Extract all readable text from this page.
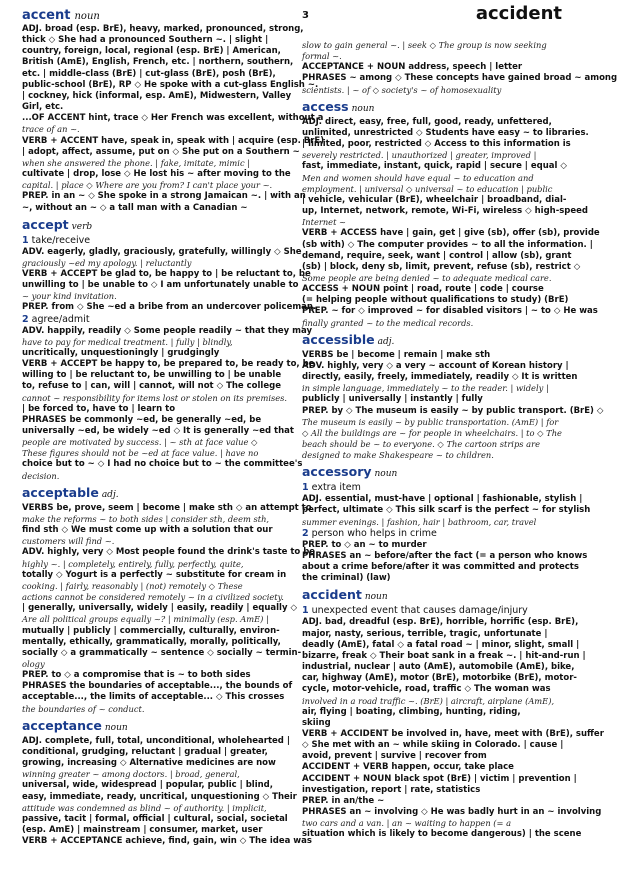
accent noun	3	accident
ADJ. broad (esp. BrE), heavy, marked, pronounced, strong,
thick ◇ She had a pronounced Southern ~. | slight |
country, foreign, local, regional (esp. BrE) | American,
British (AmE), English, French, etc. | northern, southern,
etc. | middle-class (BrE) | cut-glass (BrE), posh (BrE),
public-school (BrE), RP ◇ He spoke with a cut-glass English ~.
| cockney, hick (informal, esp. AmE), Midwestern, Valley
Girl, etc.
...OF ACCENT hint, trace ◇ Her French was excellent, without a
trace of an ~.
VERB + ACCENT have, speak in, speak with | acquire (esp. BrE)
| adopt, affect, assume, put on ◇ She put on a Southern ~
when she answered the phone. | fake, imitate, mimic |
cultivate | drop, lose ◇ He lost his ~ after moving to the
capital. | place ◇ Where are you from? I can't place your ~.
PREP. in an ~ ◇ She spoke in a strong Jamaican ~. | with an
~, without an ~ ◇ a tall man with a Canadian ~
accept verb
1 take/receive
ADV. eagerly, gladly, graciously, gratefully, willingly ◇ She
graciously ~ed my apology. | reluctantly
VERB + ACCEPT be glad to, be happy to | be reluctant to, be
unwilling to | be unable to ◇ I am unfortunately unable to
~ your kind invitation.
PREP. from ◇ She ~ed a bribe from an undercover policeman.
2 agree/admit
ADV. happily, readily ◇ Some people readily ~ that they may
have to pay for medical treatment. | fully | blindly,
uncritically, unquestioningly | grudgingly
VERB + ACCEPT be happy to, be prepared to, be ready to, be
willing to | be reluctant to, be unwilling to | be unable
to, refuse to | can, will | cannot, will not ◇ The college
cannot ~ responsibility for items lost or stolen on its premises.
| be forced to, have to | learn to
PHRASES be commonly ~ed, be generally ~ed, be
universally ~ed, be widely ~ed ◇ It is generally ~ed that
people are motivated by success. | ~ sth at face value ◇
These figures should not be ~ed at face value. | have no
choice but to ~ ◇ I had no choice but to ~ the committee's
decision.
acceptable adj.
VERBS be, prove, seem | become | make sth ◇ an attempt to
make the reforms ~ to both sides | consider sth, deem sth,
find sth ◇ We must come up with a solution that our
customers will find ~.
ADV. highly, very ◇ Most people found the drink's taste to be
highly ~. | completely, entirely, fully, perfectly, quite,
totally ◇ Yogurt is a perfectly ~ substitute for cream in
cooking. | fairly, reasonably | (not) remotely ◇ These
actions cannot be considered remotely ~ in a civilized society.
| generally, universally, widely | easily, readily | equally ◇
Are all political groups equally ~? | minimally (esp. AmE) |
mutually | publicly | commercially, culturally, environ-
mentally, ethically, grammatically, morally, politically,
socially ◇ a grammatically ~ sentence ◇ socially ~ termin-
ology
PREP. to ◇ a compromise that is ~ to both sides
PHRASES the boundaries of acceptable..., the bounds of
acceptable..., the limits of acceptable... ◇ This crosses
the boundaries of ~ conduct.
acceptance noun
ADJ. complete, full, total, unconditional, wholehearted |
conditional, grudging, reluctant | gradual | greater,
growing, increasing ◇ Alternative medicines are now
winning greater ~ among doctors. | broad, general,
universal, wide, widespread | popular, public | blind,
easy, immediate, ready, uncritical, unquestioning ◇ Their
attitude was condemned as blind ~ of authority. | implicit,
passive, tacit | formal, official | cultural, social, societal
(esp. AmE) | mainstream | consumer, market, user
VERB + ACCEPTANCE achieve, find, gain, win ◇ The idea was
slow to gain general ~. | seek ◇ The group is now seeking
formal ~.
ACCEPTANCE + NOUN address, speech | letter
PHRASES ~ among ◇ These concepts have gained broad ~ among
scientists. | ~ of ◇ society's ~ of homosexuality
access noun
ADJ. direct, easy, free, full, good, ready, unfettered,
unlimited, unrestricted ◇ Students have easy ~ to libraries.
| limited, poor, restricted ◇ Access to this information is
severely restricted. | unauthorized | greater, improved |
fast, immediate, instant, quick, rapid | secure | equal ◇
Men and women should have equal ~ to education and
employment. | universal ◇ universal ~ to education | public
| vehicle, vehicular (BrE), wheelchair | broadband, dial-
up, Internet, network, remote, Wi-Fi, wireless ◇ high-speed
Internet ~
VERB + ACCESS have | gain, get | give (sb), offer (sb), provide
(sb with) ◇ The computer provides ~ to all the information. |
demand, require, seek, want | control | allow (sb), grant
(sb) | block, deny sb, limit, prevent, refuse (sb), restrict ◇
Some people are being denied ~ to adequate medical care.
ACCESS + NOUN point | road, route | code | course
(= helping people without qualifications to study) (BrE)
PREP. ~ for ◇ improved ~ for disabled visitors | ~ to ◇ He was
finally granted ~ to the medical records.
accessible adj.
VERBS be | become | remain | make sth
ADV. highly, very ◇ a very ~ account of Korean history |
directly, easily, freely, immediately, readily ◇ It is written
in simple language, immediately ~ to the reader. | widely |
publicly | universally | instantly | fully
PREP. by ◇ The museum is easily ~ by public transport. (BrE) ◇
The museum is easily ~ by public transportation. (AmE) | for
◇ All the buildings are ~ for people in wheelchairs. | to ◇ The
beach should be ~ to everyone. ◇ The cartoon strips are
designed to make Shakespeare ~ to children.
accessory noun
1 extra item
ADJ. essential, must-have | optional | fashionable, stylish |
perfect, ultimate ◇ This silk scarf is the perfect ~ for stylish
summer evenings. | fashion, hair | bathroom, car, travel
2 person who helps in crime
PREP. to ◇ an ~ to murder
PHRASES an ~ before/after the fact (= a person who knows
about a crime before/after it was committed and protects
the criminal) (law)
accident noun
1 unexpected event that causes damage/injury
ADJ. bad, dreadful (esp. BrE), horrible, horrific (esp. BrE),
major, nasty, serious, terrible, tragic, unfortunate |
deadly (AmE), fatal ◇ a fatal road ~ | minor, slight, small |
bizarre, freak ◇ Their boat sank in a freak ~. | hit-and-run |
industrial, nuclear | auto (AmE), automobile (AmE), bike,
car, highway (AmE), motor (BrE), motorbike (BrE), motor-
cycle, motor-vehicle, road, traffic ◇ The woman was
involved in a road traffic ~. (BrE) | aircraft, airplane (AmE),
air, flying | boating, climbing, hunting, riding,
skiing
VERB + ACCIDENT be involved in, have, meet with (BrE), suffer
◇ She met with an ~ while skiing in Colorado. | cause |
avoid, prevent | survive | recover from
ACCIDENT + VERB happen, occur, take place
ACCIDENT + NOUN black spot (BrE) | victim | prevention |
investigation, report | rate, statistics
PREP. in an/the ~
PHRASES an ~ involving ◇ He was badly hurt in an ~ involving
two cars and a van. | an ~ waiting to happen (= a
situation which is likely to become dangerous) | the scene
